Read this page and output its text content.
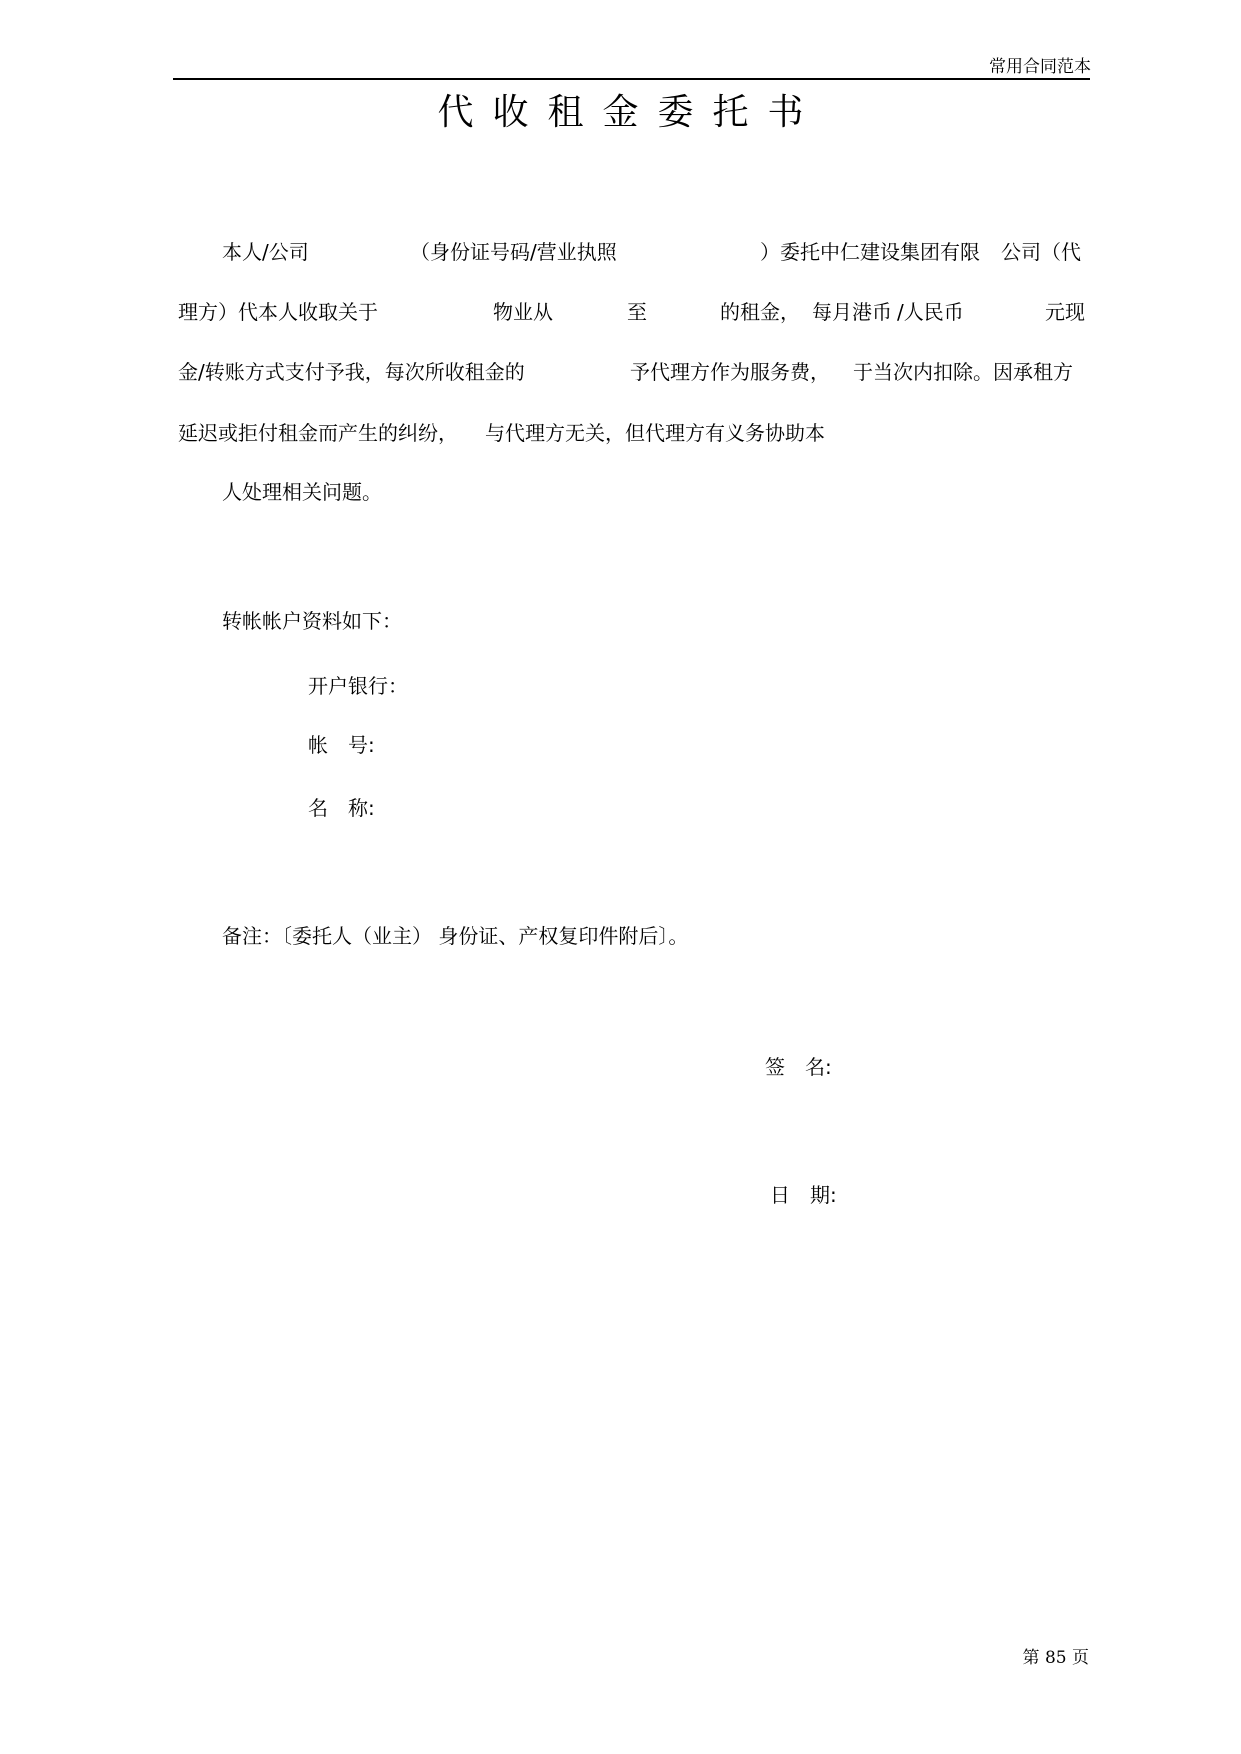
常用合同范本
代收租金委托书
本人/公司	（身份证号码/营业执照	）委托中仁建设集团有限 公司（代
理方）代本人收取关于	物业从	至	的租金， 每月港币 /人民币	元现
金/转账方式支付予我，每次所收租金的	予代理方作为服务费， 于当次内扣除。因承租方
延迟或拒付租金而产生的纠纷， 与代理方无关，但代理方有义务协助本
人处理相关问题。
转帐帐户资料如下：
开户银行：
帐　号:
名　称:
备注：〔委托人（业主） 身份证、产权复印件附后〕。
签　名:
日　期:
第 85 页
